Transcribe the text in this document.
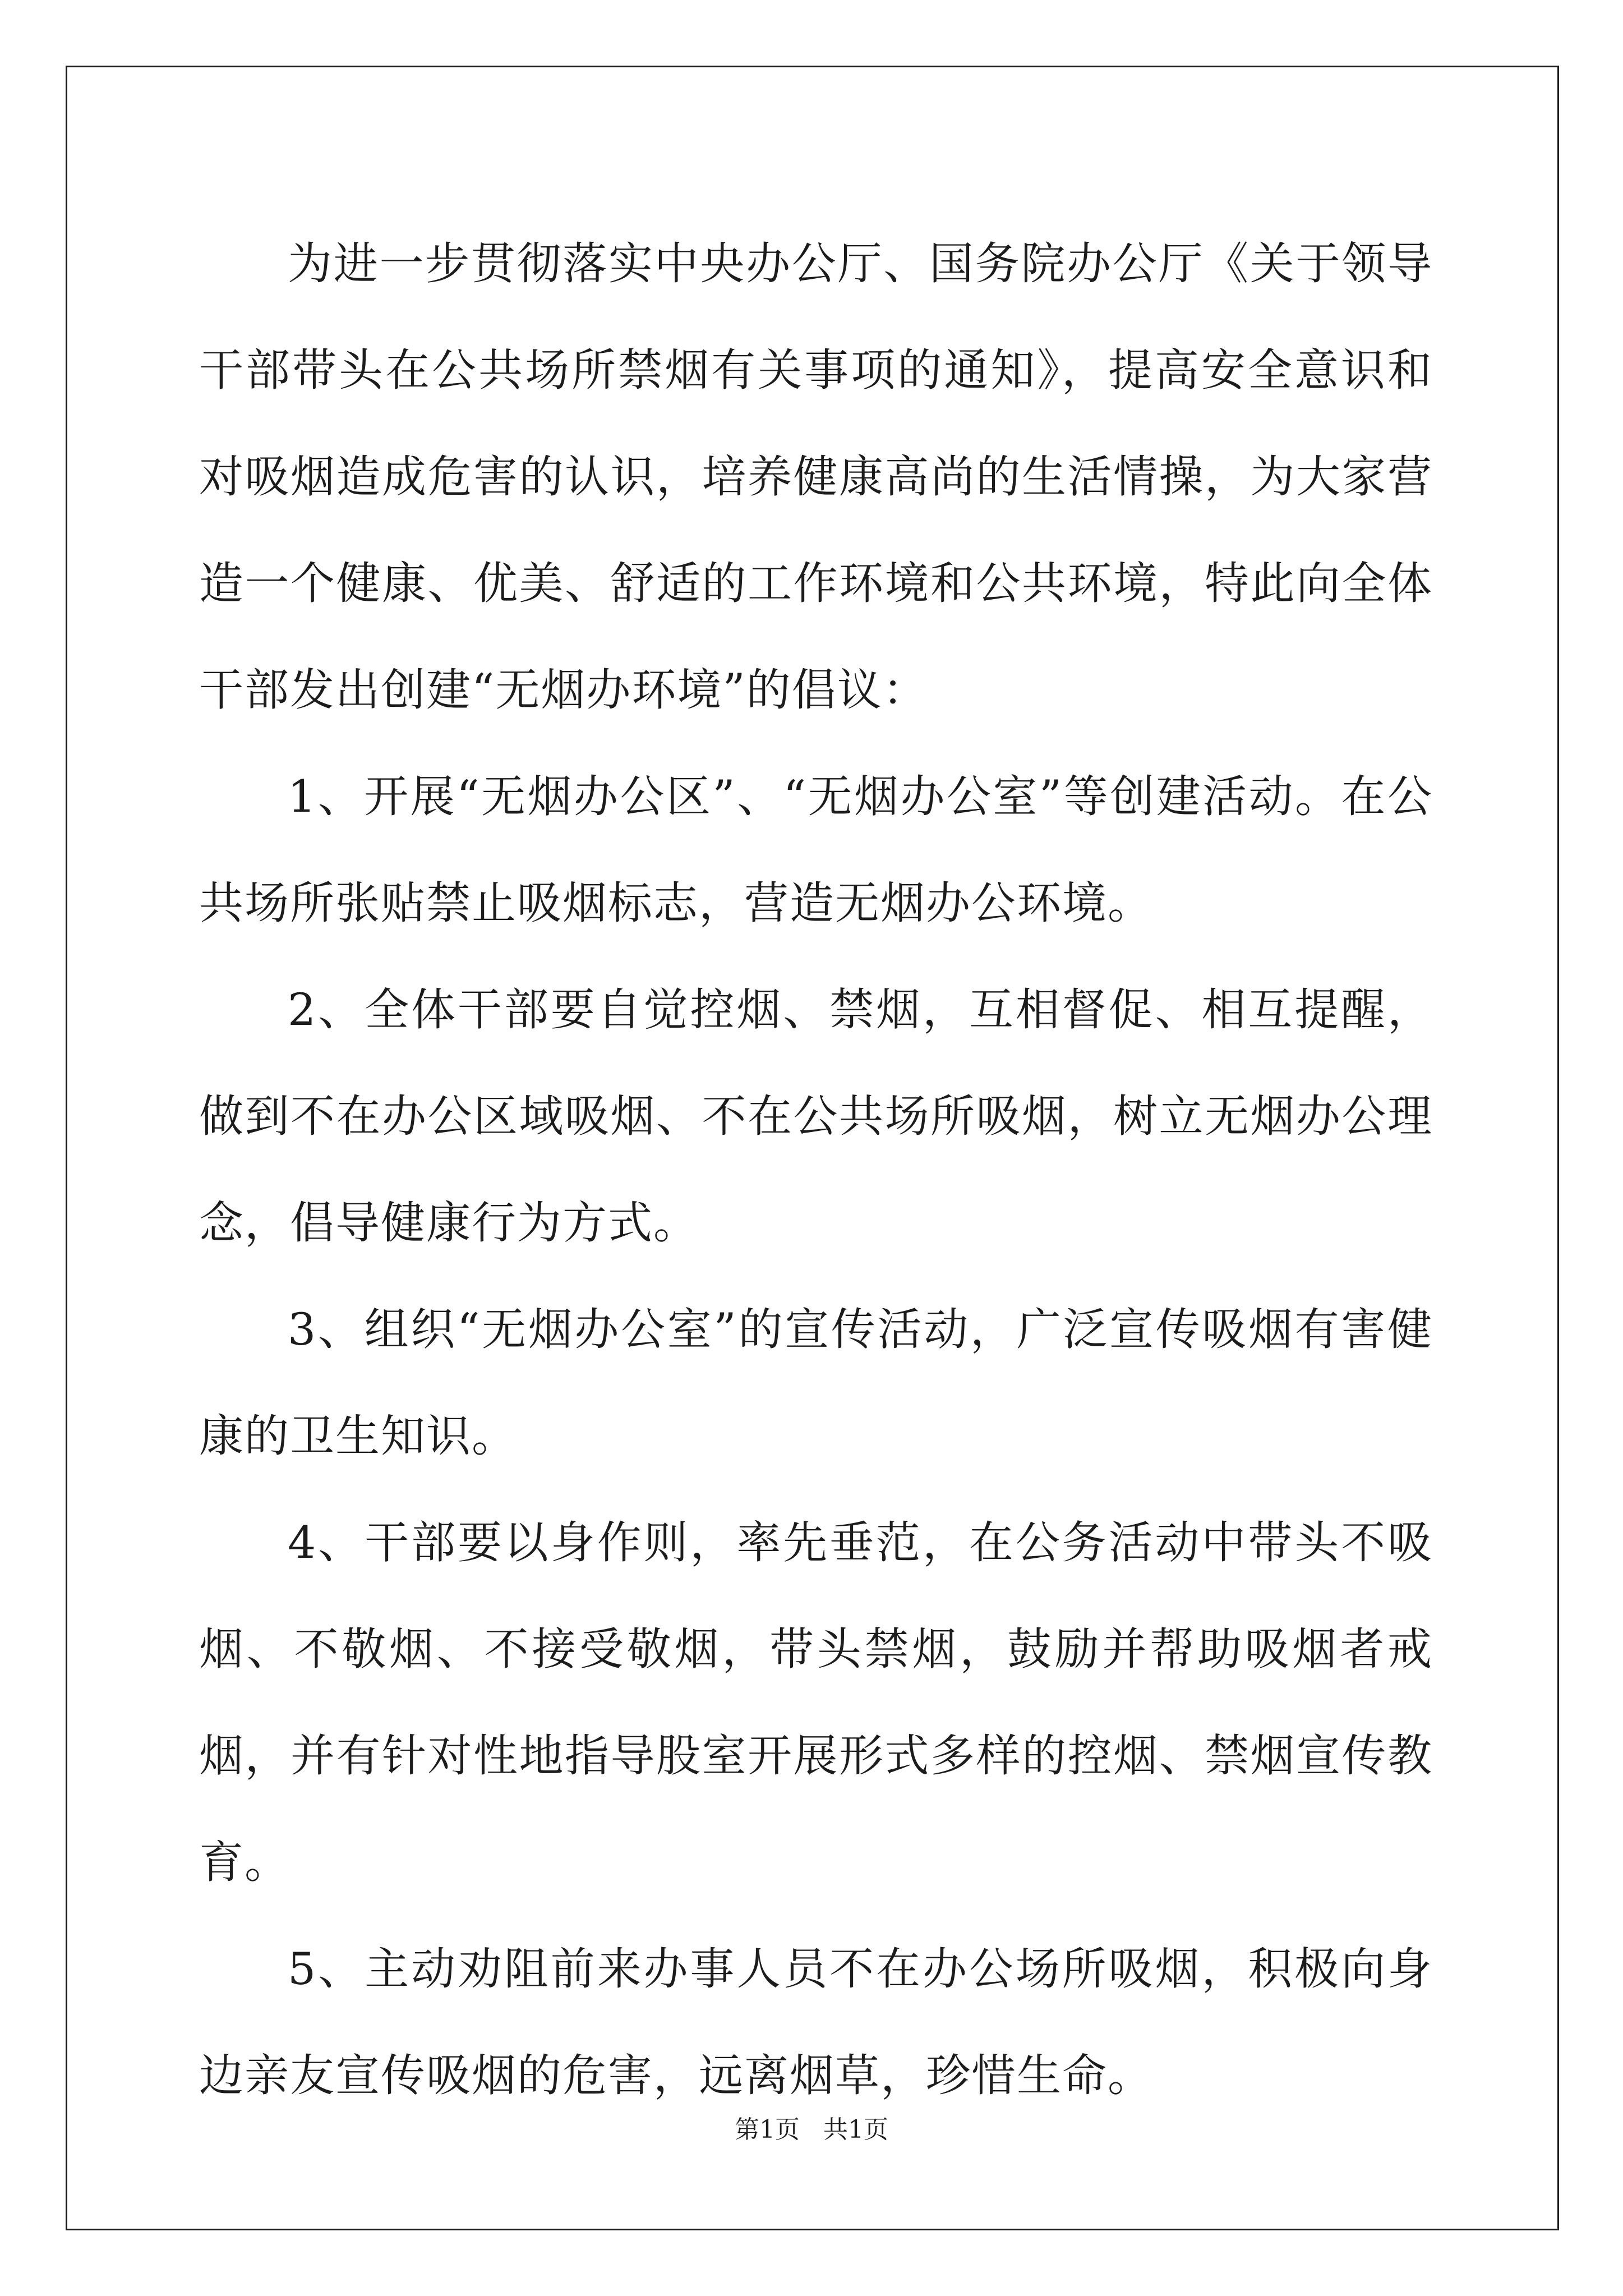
为进一步贯彻落实中央办公厅、国务院办公厅《关于领导干部带头在公共场所禁烟有关事项的通知》，提高安全意识和对吸烟造成危害的认识，培养健康高尚的生活情操，为大家营造一个健康、优美、舒适的工作环境和公共环境，特此向全体干部发出创建“无烟办环境”的倡议：

1、开展“无烟办公区”、“无烟办公室”等创建活动。在公共场所张贴禁止吸烟标志，营造无烟办公环境。

2、全体干部要自觉控烟、禁烟，互相督促、相互提醒，做到不在办公区域吸烟、不在公共场所吸烟，树立无烟办公理念，倡导健康行为方式。

3、组织“无烟办公室”的宣传活动，广泛宣传吸烟有害健康的卫生知识。

4、干部要以身作则，率先垂范，在公务活动中带头不吸烟、不敬烟、不接受敬烟，带头禁烟，鼓励并帮助吸烟者戒烟，并有针对性地指导股室开展形式多样的控烟、禁烟宣传教育。

5、主动劝阻前来办事人员不在办公场所吸烟，积极向身边亲友宣传吸烟的危害，远离烟草，珍惜生命。

第1页   共1页
